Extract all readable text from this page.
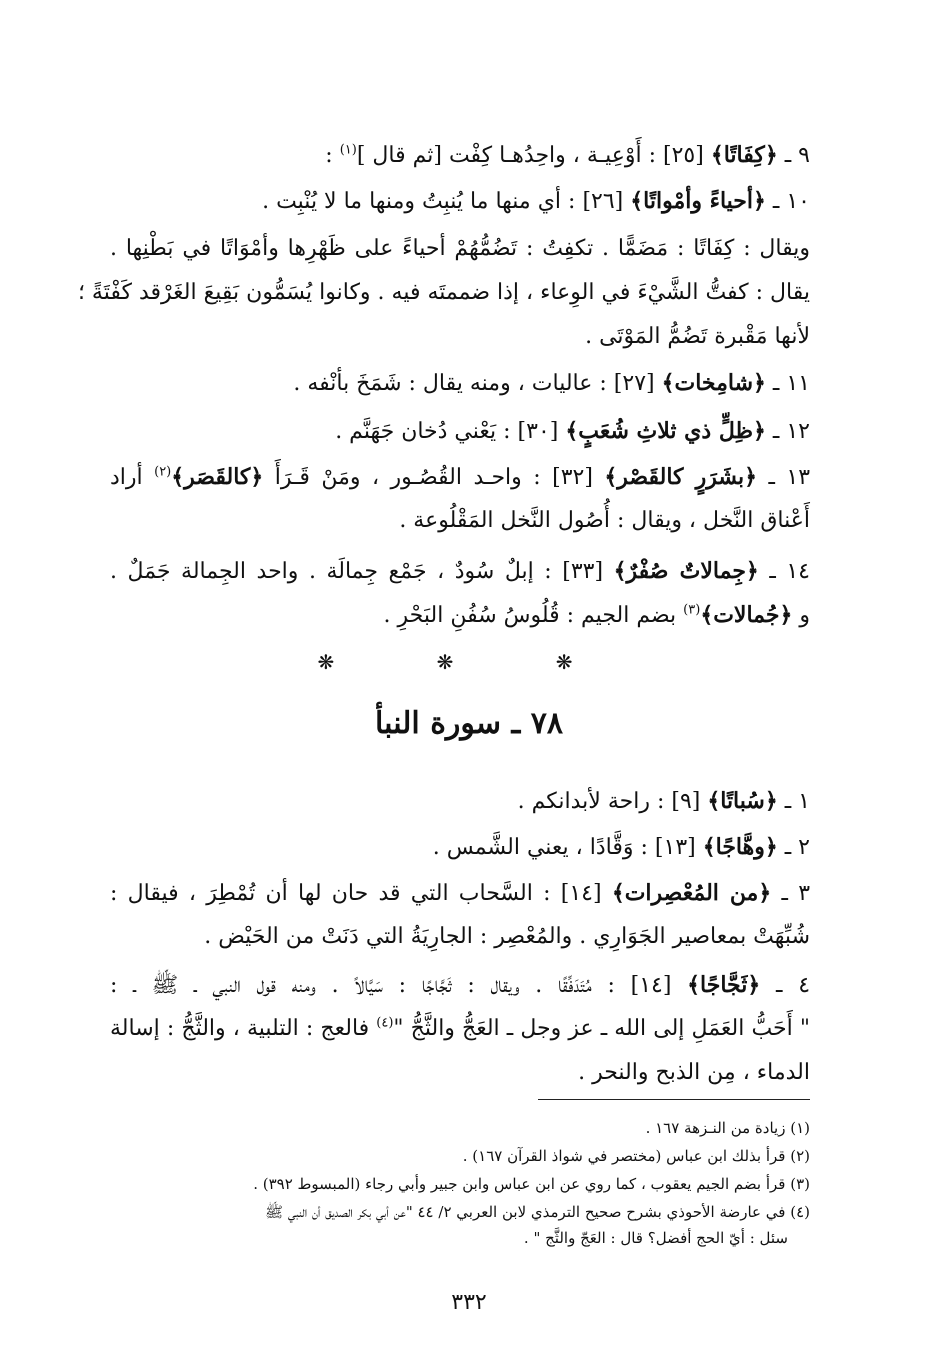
٩ ـ ﴿كِفَاتًا﴾ [٢٥] : أَوْعِيـة ، واحِدُهـا كِفْت [ثم قال ]$^{(١)}$ :
١٠ ـ ﴿أحياءً وأمْواتًا﴾ [٢٦] : أي منها ما يُنبِتُ ومنها ما لا يُنْبِت .
ويقال : كِفَاتًا : مَضَمًّا . تكفِتُ : تَضُمُّهُمْ أحياءً على ظَهْرِها وأمْوَاتًا في بَطْنِها .
يقال : كفتُّ الشَّيْءَ في الوِعاء ، إذا ضممتَه فيه . وكانوا يُسَمُّون بَقِيعَ الغَرْقد كَفْتَةً ؛
لأنها مَقْبرة تَضُمُّ المَوْتَى .
١١ ـ ﴿شامِخات﴾ [٢٧] : عاليات ، ومنه يقال : شَمَخَ بأنْفه .
١٢ ـ ﴿ظِلٍّ ذي ثلاثِ شُعَبٍ﴾ [٣٠] : يَعْني دُخان جَهَنَّم .
١٣ ـ ﴿بشَرَرٍ كالقَصْر﴾ [٣٢] : واحـد القُصُـور ، ومَنْ قَـرَأَ ﴿كالقَصَر﴾$^{(٢)}$ أراد
أَعْناق النَّخل ، ويقال : أُصُول النَّخل المَقْلُوعة .
١٤ ـ ﴿جِمالاتٌ صُفْرٌ﴾ [٣٣] : إبلٌ سُودٌ ، جَمْع جِمالَة . واحد الجِمالة جَمَلٌ .
و ﴿جُمالات﴾$^{(٣)}$ بضم الجيم : قُلُوسُ سُفُنِ البَحْرِ .
❋ ❋ ❋
٧٨ ـ سورة النبأ
١ ـ ﴿سُباتًا﴾ [٩] : راحة لأبدانكم .
٢ ـ ﴿وهَّاجًا﴾ [١٣] : وَقَّادًا ، يعني الشَّمس .
٣ ـ ﴿من المُعْصِرات﴾ [١٤] : السَّحاب التي قد حان لها أن تُمْطِرَ ، فيقال :
شُبِّهَتْ بمعاصير الجَوَارِي . والمُعْصِر : الجارِيَةُ التي دَنَتْ من الحَيْض .
٤ ـ ﴿ثَجَّاجًا﴾ [١٤] : مُتَدَفِّقًا . ويقال : ثَجَّاجًا : سَيَّالاً . ومنه قول النبي ـ ﷺ ـ :
" أَحَبُّ العَمَلِ إلى الله ـ عز وجل ـ العَجُّ والثَّجُّ "$^{(٤)}$ فالعج : التلبية ، والثَّجُّ : إسالة
الدماء ، مِن الذبح والنحر .
(١) زيادة من النـزهة ١٦٧ .
(٢) قرأ بذلك ابن عباس (مختصر في شواذ القرآن ١٦٧) .
(٣) قرأ بضم الجيم يعقوب ، كما روي عن ابن عباس وابن جبير وأبي رجاء (المبسوط ٣٩٢) .
(٤) في عارضة الأحوذي بشرح صحيح الترمذي لابن العربي ٢/ ٤٤ "عن أبي بكر الصديق أن النبي ﷺ
سئل : أيّ الحج أفضل؟ قال : العَجّ والثَّج " .
٣٣٢
